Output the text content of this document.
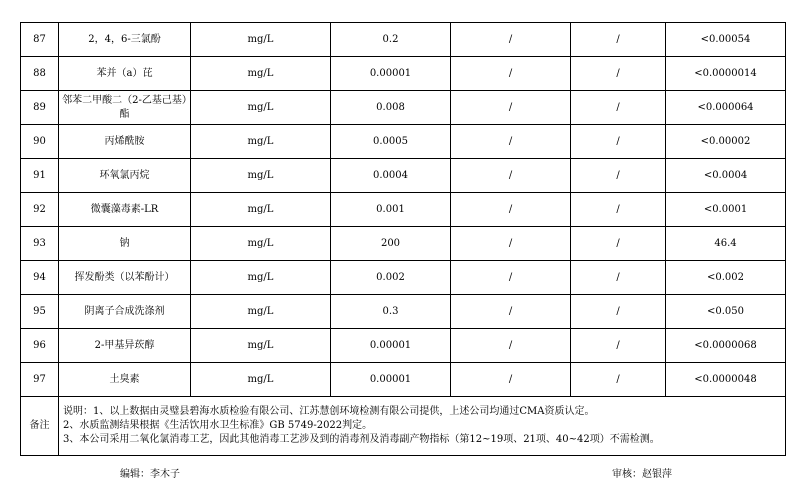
87	2，4，6-三氯酚	mg/L	0.2	/	/	<0.00054
88	苯并（a）芘	mg/L	0.00001	/	/	<0.0000014
89	邻苯二甲酸二（2-乙基己基）酯	mg/L	0.008	/	/	<0.000064
90	丙烯酰胺	mg/L	0.0005	/	/	<0.00002
91	环氧氯丙烷	mg/L	0.0004	/	/	<0.0004
92	微囊藻毒素-LR	mg/L	0.001	/	/	<0.0001
93	钠	mg/L	200	/	/	46.4
94	挥发酚类（以苯酚计）	mg/L	0.002	/	/	<0.002
95	阴离子合成洗涤剂	mg/L	0.3	/	/	<0.050
96	2-甲基异莰醇	mg/L	0.00001	/	/	<0.0000068
97	土臭素	mg/L	0.00001	/	/	<0.0000048
备注	说明：1、以上数据由灵璧县碧海水质检验有限公司、江苏慧创环境检测有限公司提供，上述公司均通过CMA资质认定。
2、水质监测结果根据《生活饮用水卫生标准》GB 5749-2022判定。
3、本公司采用二氧化氯消毒工艺，因此其他消毒工艺涉及到的消毒剂及消毒副产物指标（第12~19项、21项、40~42项）不需检测。					
编辑：李木子	审核：赵银萍
